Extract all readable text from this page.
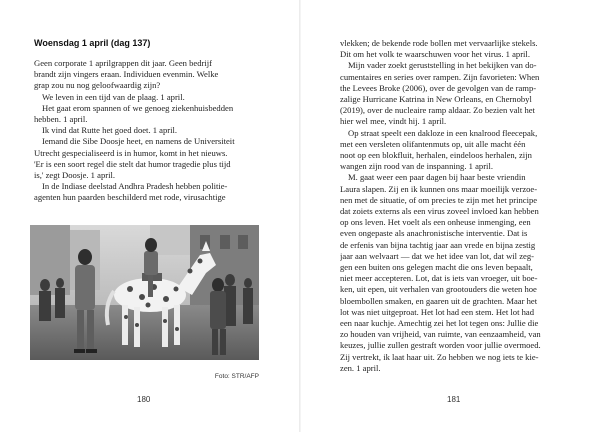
Woensdag 1 april (dag 137)
Geen corporate 1 aprilgrappen dit jaar. Geen bedrijf
brandt zijn vingers eraan. Individuen evenmin. Welke
grap zou nu nog geloofwaardig zijn?
We leven in een tijd van de plaag. 1 april.
Het gaat erom spannen of we genoeg ziekenhuisbedden
hebben. 1 april.
Ik vind dat Rutte het goed doet. 1 april.
Iemand die Sibe Doosje heet, en namens de Universiteit
Utrecht gespecialiseerd is in humor, komt in het nieuws.
'Er is een soort regel die stelt dat humor tragedie plus tijd
is,' zegt Doosje. 1 april.
In de Indiase deelstad Andhra Pradesh hebben politie-
agenten hun paarden beschilderd met rode, virusachtige
Foto: STR/AFP
180
vlekken; de bekende rode bollen met vervaarlijke stekels.
Dit om het volk te waarschuwen voor het virus. 1 april.
Mijn vader zoekt geruststelling in het bekijken van do-
cumentaires en series over rampen. Zijn favorieten: When
the Levees Broke (2006), over de gevolgen van de ramp-
zalige Hurricane Katrina in New Orleans, en Chernobyl
(2019), over de nucleaire ramp aldaar. Zo bezien valt het
hier wel mee, vindt hij. 1 april.
Op straat speelt een dakloze in een knalrood fleecepak,
met een versleten olifantenmuts op, uit alle macht één
noot op een blokfluit, herhalen, eindeloos herhalen, zijn
wangen zijn rood van de inspanning. 1 april.
M. gaat weer een paar dagen bij haar beste vriendin
Laura slapen. Zij en ik kunnen ons maar moeilijk verzoe-
nen met de situatie, of om precies te zijn met het principe
dat zoiets externs als een virus zoveel invloed kan hebben
op ons leven. Het voelt als een onheuse inmenging, een
even ongepaste als anachronistische interventie. Dat is
de erfenis van bijna tachtig jaar aan vrede en bijna zestig
jaar aan welvaart — dat we het idee van lot, dat wil zeg-
gen een buiten ons gelegen macht die ons leven bepaalt,
niet meer accepteren. Lot, dat is iets van vroeger, uit boe-
ken, uit epen, uit verhalen van grootouders die weten hoe
bloembollen smaken, en gaaren uit de grachten. Maar het
lot was niet uitgeproat. Het lot had een stem. Het lot had
een naar kuchje. Amechtig zei het lot tegen ons: Jullie die
zo houden van vrijheid, van ruimte, van eenzaamheid, van
keuzes, jullie zullen gestraft worden voor jullie overmoed.
Zij vertrekt, ik laat haar uit. Zo hebben we nog iets te kie-
zen. 1 april.
181
